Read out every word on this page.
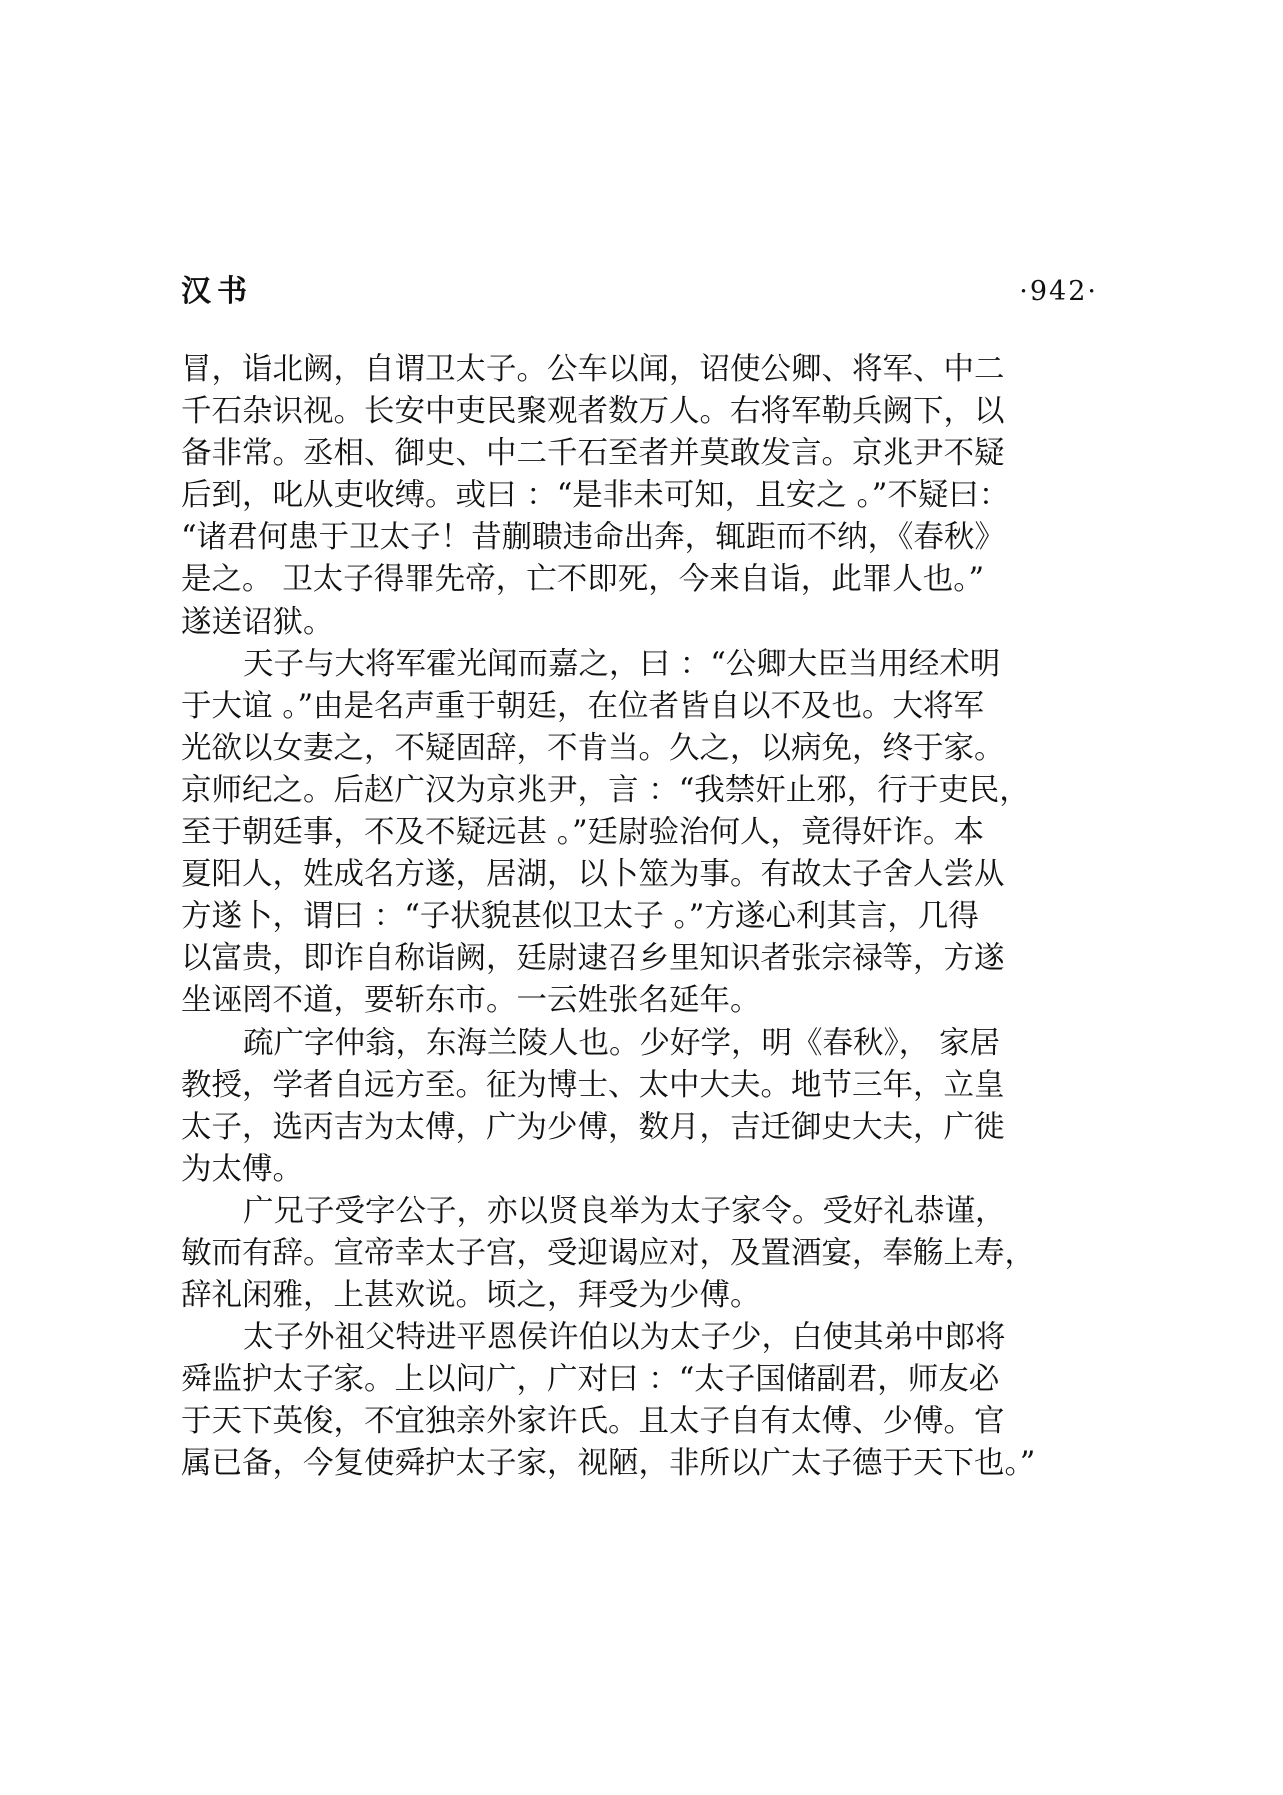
汉书	·942·
冒，诣北阙，自谓卫太子。公车以闻，诏使公卿、将军、中二
千石杂识视。长安中吏民聚观者数万人。右将军勒兵阙下，以
备非常。丞相、御史、中二千石至者并莫敢发言。京兆尹不疑
后到，叱从吏收缚。或曰 ：“是非未可知，且安之 。”不疑曰：
“诸君何患于卫太子！昔蒯聩违命出奔，辄距而不纳，《春秋》
是之。 卫太子得罪先帝，亡不即死，今来自诣，此罪人也。”
遂送诏狱。
天子与大将军霍光闻而嘉之，曰 ：“公卿大臣当用经术明
于大谊 。”由是名声重于朝廷，在位者皆自以不及也。大将军
光欲以女妻之，不疑固辞，不肯当。久之，以病免，终于家。
京师纪之。后赵广汉为京兆尹，言 ：“我禁奸止邪，行于吏民，
至于朝廷事，不及不疑远甚 。”廷尉验治何人，竟得奸诈。本
夏阳人，姓成名方遂，居湖，以卜筮为事。有故太子舍人尝从
方遂卜，谓曰 ：“子状貌甚似卫太子 。”方遂心利其言，几得
以富贵，即诈自称诣阙，廷尉逮召乡里知识者张宗禄等，方遂
坐诬罔不道，要斩东市。一云姓张名延年。
疏广字仲翁，东海兰陵人也。少好学，明《春秋》， 家居
教授，学者自远方至。征为博士、太中大夫。地节三年，立皇
太子，选丙吉为太傅，广为少傅，数月，吉迁御史大夫，广徙
为太傅。
广兄子受字公子，亦以贤良举为太子家令。受好礼恭谨，
敏而有辞。宣帝幸太子宫，受迎谒应对，及置酒宴，奉觞上寿，
辞礼闲雅，上甚欢说。顷之，拜受为少傅。
太子外祖父特进平恩侯许伯以为太子少，白使其弟中郎将
舜监护太子家。上以问广，广对曰 ：“太子国储副君，师友必
于天下英俊，不宜独亲外家许氏。且太子自有太傅、少傅。官
属已备，今复使舜护太子家，视陋，非所以广太子德于天下也。”
